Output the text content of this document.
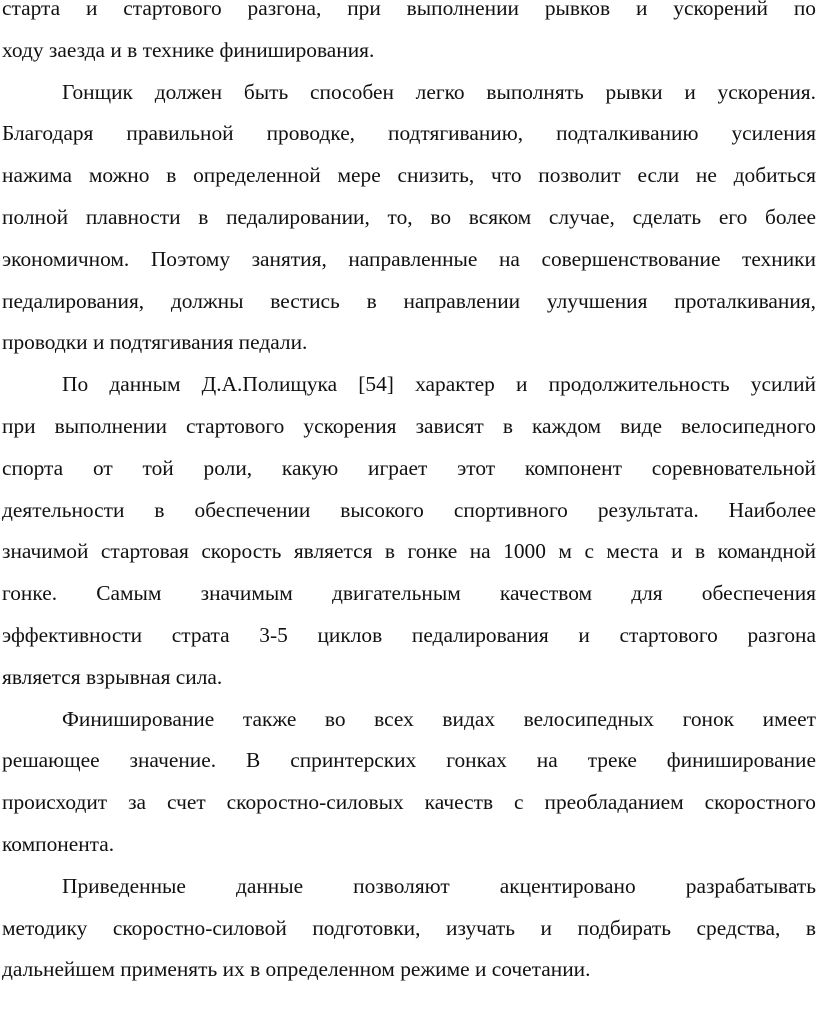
старта и стартового разгона, при выполнении рывков и ускорений по
ходу заезда и в технике финиширования.

Гонщик должен быть способен легко выполнять рывки и ускорения.
Благодаря правильной проводке, подтягиванию, подталкиванию усиления
нажима можно в определенной мере снизить, что позволит если не добиться
полной плавности в педалировании, то, во всяком случае, сделать его более
экономичном. Поэтому занятия, направленные на совершенствование техники
педалирования, должны вестись в направлении улучшения проталкивания,
проводки и подтягивания педали.

По данным Д.А.Полищука [54] характер и продолжительность усилий
при выполнении стартового ускорения зависят в каждом виде велосипедного
спорта от той роли, какую играет этот компонент соревновательной
деятельности в обеспечении высокого спортивного результата. Наиболее
значимой стартовая скорость является в гонке на 1000 м с места и в командной
гонке. Самым значимым двигательным качеством для обеспечения
эффективности страта 3-5 циклов педалирования и стартового разгона
является взрывная сила.

Финиширование также во всех видах велосипедных гонок имеет
решающее значение. В спринтерских гонках на треке финиширование
происходит за счет скоростно-силовых качеств с преобладанием скоростного
компонента.

Приведенные данные позволяют акцентировано разрабатывать
методику скоростно-силовой подготовки, изучать и подбирать средства, в
дальнейшем применять их в определенном режиме и сочетании.
